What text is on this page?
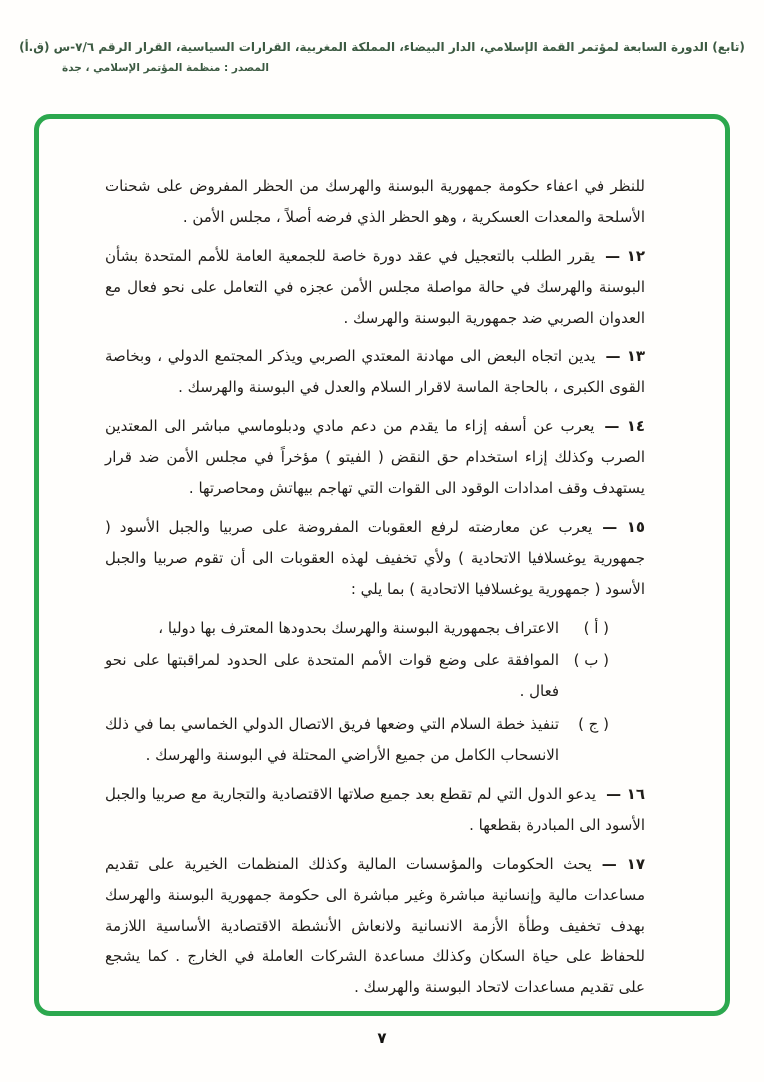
(تابع) الدورة السابعة لمؤتمر القمة الإسلامي، الدار البيضاء، المملكة المغربية، القرارات السياسية، القرار الرقم ٧/٦-س (ق.أ)
المصدر : منظمة المؤتمر الإسلامي ، جدة

للنظر في اعفاء حكومة جمهورية البوسنة والهرسك من الحظر المفروض على شحنات الأسلحة والمعدات العسكرية ، وهو الحظر الذي فرضه أصلاً ، مجلس الأمن .

١٢ —يقرر الطلب بالتعجيل في عقد دورة خاصة للجمعية العامة للأمم المتحدة بشأن البوسنة والهرسك في حالة مواصلة مجلس الأمن عجزه في التعامل على نحو فعال مع العدوان الصربي ضد جمهورية البوسنة والهرسك .

١٣ —يدين اتجاه البعض الى مهادنة المعتدي الصربي ويذكر المجتمع الدولي ، وبخاصة القوى الكبرى ، بالحاجة الماسة لاقرار السلام والعدل في البوسنة والهرسك .

١٤ —يعرب عن أسفه إزاء ما يقدم من دعم مادي ودبلوماسي مباشر الى المعتدين الصرب وكذلك إزاء استخدام حق النقض ( الفيتو ) مؤخراً في مجلس الأمن ضد قرار يستهدف وقف امدادات الوقود الى القوات التي تهاجم بيهاتش ومحاصرتها .

١٥ —يعرب عن معارضته لرفع العقوبات المفروضة على صربيا والجبل الأسود ( جمهورية يوغسلافيا الاتحادية ) ولأي تخفيف لهذه العقوبات الى أن تقوم صربيا والجبل الأسود ( جمهورية يوغسلافيا الاتحادية ) بما يلي :

( أ )
الاعتراف بجمهورية البوسنة والهرسك بحدودها المعترف بها دوليا ،
( ب )
الموافقة على وضع قوات الأمم المتحدة على الحدود لمراقبتها على نحو فعال .
( ج )
تنفيذ خطة السلام التي وضعها فريق الاتصال الدولي الخماسي بما في ذلك الانسحاب الكامل من جميع الأراضي المحتلة في البوسنة والهرسك .

١٦ —يدعو الدول التي لم تقطع بعد جميع صلاتها الاقتصادية والتجارية مع صربيا والجبل الأسود الى المبادرة بقطعها .

١٧ —يحث الحكومات والمؤسسات المالية وكذلك المنظمات الخيرية على تقديم مساعدات مالية وإنسانية مباشرة وغير مباشرة الى حكومة جمهورية البوسنة والهرسك بهدف تخفيف وطأة الأزمة الانسانية ولانعاش الأنشطة الاقتصادية الأساسية اللازمة للحفاظ على حياة السكان وكذلك مساعدة الشركات العاملة في الخارج . كما يشجع على تقديم مساعدات لاتحاد البوسنة والهرسك .

٧
